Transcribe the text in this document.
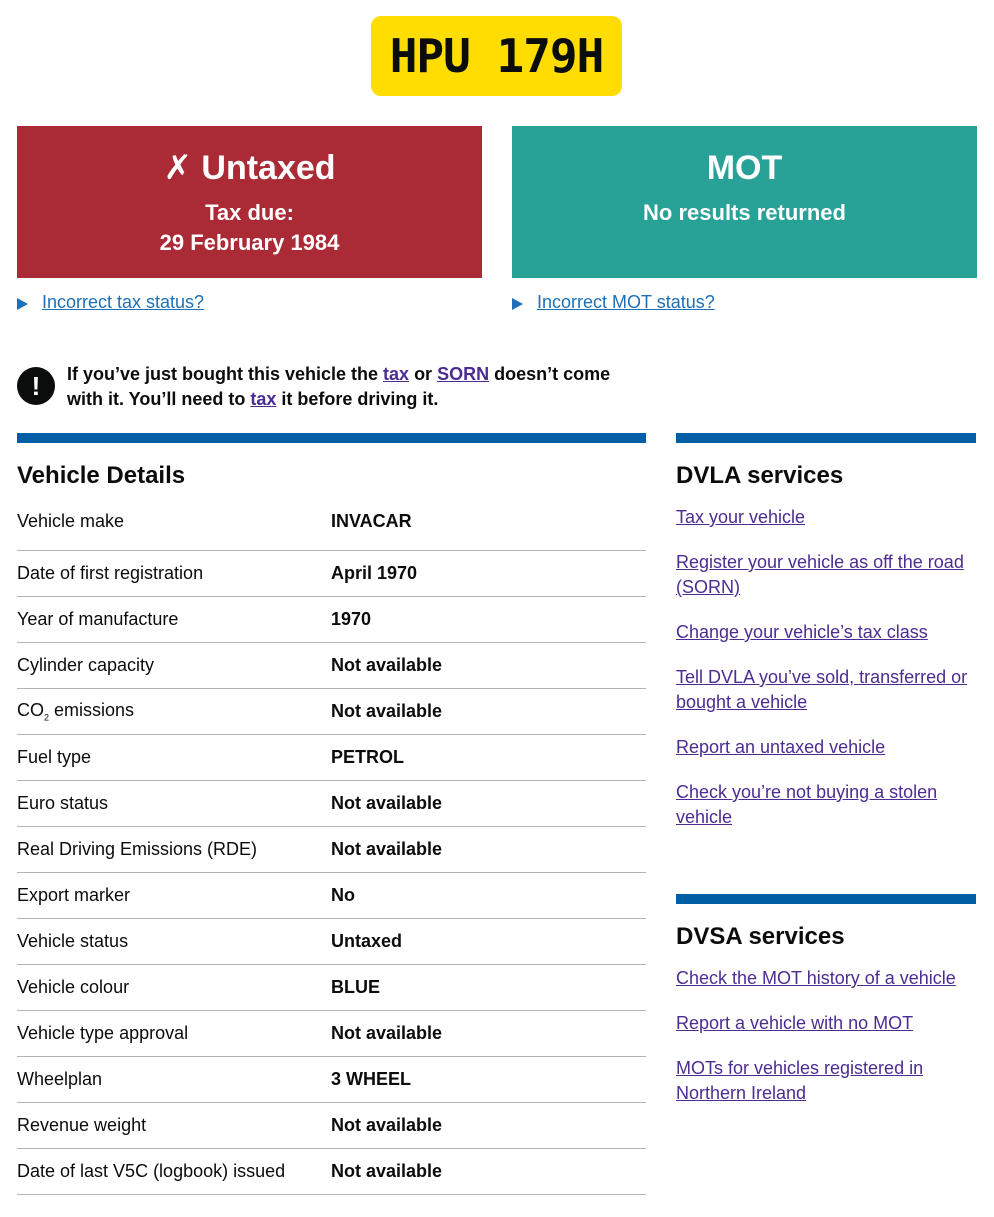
HPU 179H
✗ Untaxed
Tax due:
29 February 1984
MOT
No results returned
Incorrect tax status?	Incorrect MOT status?
!	If you’ve just bought this vehicle the tax or SORN doesn’t come with it. You’ll need to tax it before driving it.
Vehicle Details
Vehicle make	INVACAR
Date of first registration	April 1970
Year of manufacture	1970
Cylinder capacity	Not available
$CO_2$ emissions	Not available
Fuel type	PETROL
Euro status	Not available
Real Driving Emissions (RDE)	Not available
Export marker	No
Vehicle status	Untaxed
Vehicle colour	BLUE
Vehicle type approval	Not available
Wheelplan	3 WHEEL
Revenue weight	Not available
Date of last V5C (logbook) issued	Not available
DVLA services
Tax your vehicle
Register your vehicle as off the road (SORN)
Change your vehicle’s tax class
Tell DVLA you’ve sold, transferred or bought a vehicle
Report an untaxed vehicle
Check you’re not buying a stolen vehicle
DVSA services
Check the MOT history of a vehicle
Report a vehicle with no MOT
MOTs for vehicles registered in Northern Ireland
